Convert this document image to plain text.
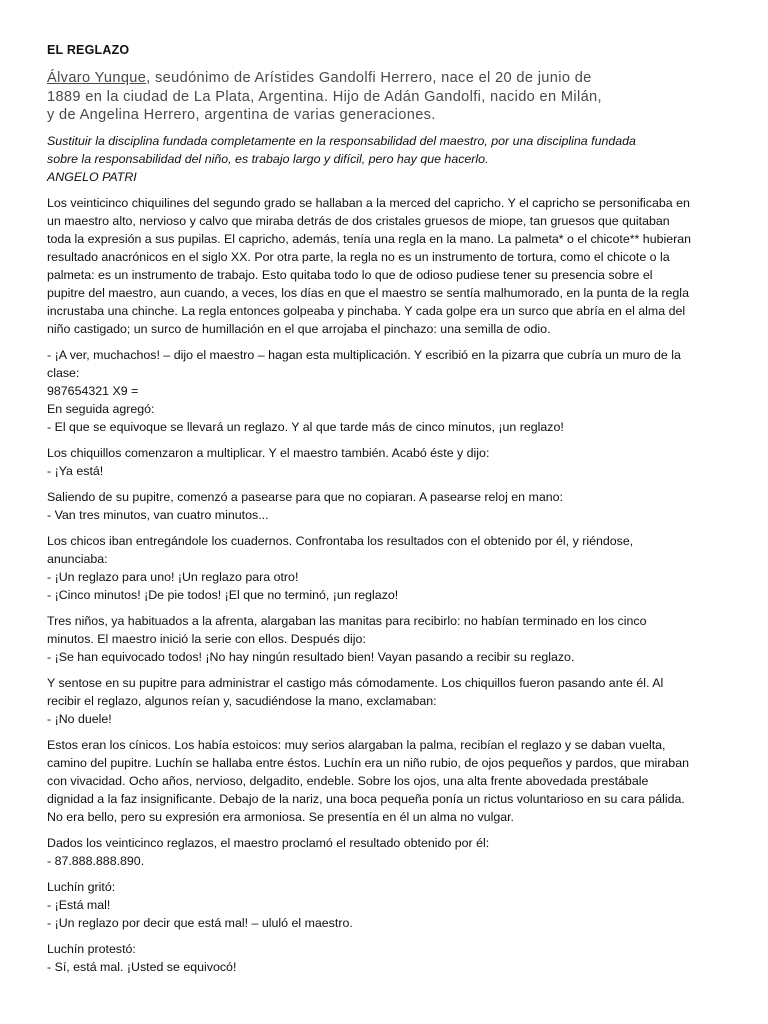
EL REGLAZO
Álvaro Yunque, seudónimo de Arístides Gandolfi Herrero, nace el 20 de junio de
1889 en la ciudad de La Plata, Argentina. Hijo de Adán Gandolfi, nacido en Milán,
y de Angelina Herrero, argentina de varias generaciones.
Sustituir la disciplina fundada completamente en la responsabilidad del maestro, por una disciplina fundada
sobre la responsabilidad del niño, es trabajo largo y difícil, pero hay que hacerlo.
ANGELO PATRI

Los veinticinco chiquilines del segundo grado se hallaban a la merced del capricho. Y el capricho se personificaba en
un maestro alto, nervioso y calvo que miraba detrás de dos cristales gruesos de miope, tan gruesos que quitaban
toda la expresión a sus pupilas. El capricho, además, tenía una regla en la mano. La palmeta* o el chicote** hubieran
resultado anacrónicos en el siglo XX. Por otra parte, la regla no es un instrumento de tortura, como el chicote o la
palmeta: es un instrumento de trabajo. Esto quitaba todo lo que de odioso pudiese tener su presencia sobre el
pupitre del maestro, aun cuando, a veces, los días en que el maestro se sentía malhumorado, en la punta de la regla
incrustaba una chinche. La regla entonces golpeaba y pinchaba. Y cada golpe era un surco que abría en el alma del
niño castigado; un surco de humillación en el que arrojaba el pinchazo: una semilla de odio.

- ¡A ver, muchachos! – dijo el maestro – hagan esta multiplicación. Y escribió en la pizarra que cubría un muro de la
clase:
987654321 X9 =
En seguida agregó:
- El que se equivoque se llevará un reglazo. Y al que tarde más de cinco minutos, ¡un reglazo!

Los chiquillos comenzaron a multiplicar. Y el maestro también. Acabó éste y dijo:
- ¡Ya está!

Saliendo de su pupitre, comenzó a pasearse para que no copiaran. A pasearse reloj en mano:
- Van tres minutos, van cuatro minutos...

Los chicos iban entregándole los cuadernos. Confrontaba los resultados con el obtenido por él, y riéndose,
anunciaba:
- ¡Un reglazo para uno! ¡Un reglazo para otro!
- ¡Cinco minutos! ¡De pie todos! ¡El que no terminó, ¡un reglazo!

Tres niños, ya habituados a la afrenta, alargaban las manitas para recibirlo: no habían terminado en los cinco
minutos. El maestro inició la serie con ellos. Después dijo:
- ¡Se han equivocado todos! ¡No hay ningún resultado bien! Vayan pasando a recibir su reglazo.

Y sentose en su pupitre para administrar el castigo más cómodamente. Los chiquillos fueron pasando ante él. Al
recibir el reglazo, algunos reían y, sacudiéndose la mano, exclamaban:
- ¡No duele!

Estos eran los cínicos. Los había estoicos: muy serios alargaban la palma, recibían el reglazo y se daban vuelta,
camino del pupitre. Luchín se hallaba entre éstos. Luchín era un niño rubio, de ojos pequeños y pardos, que miraban
con vivacidad. Ocho años, nervioso, delgadito, endeble. Sobre los ojos, una alta frente abovedada prestábale
dignidad a la faz insignificante. Debajo de la nariz, una boca pequeña ponía un rictus voluntarioso en su cara pálida.
No era bello, pero su expresión era armoniosa. Se presentía en él un alma no vulgar.

Dados los veinticinco reglazos, el maestro proclamó el resultado obtenido por él:
- 87.888.888.890.

Luchín gritó:
- ¡Está mal!
- ¡Un reglazo por decir que está mal! – ululó el maestro.

Luchín protestó:
- Sí, está mal. ¡Usted se equivocó!
